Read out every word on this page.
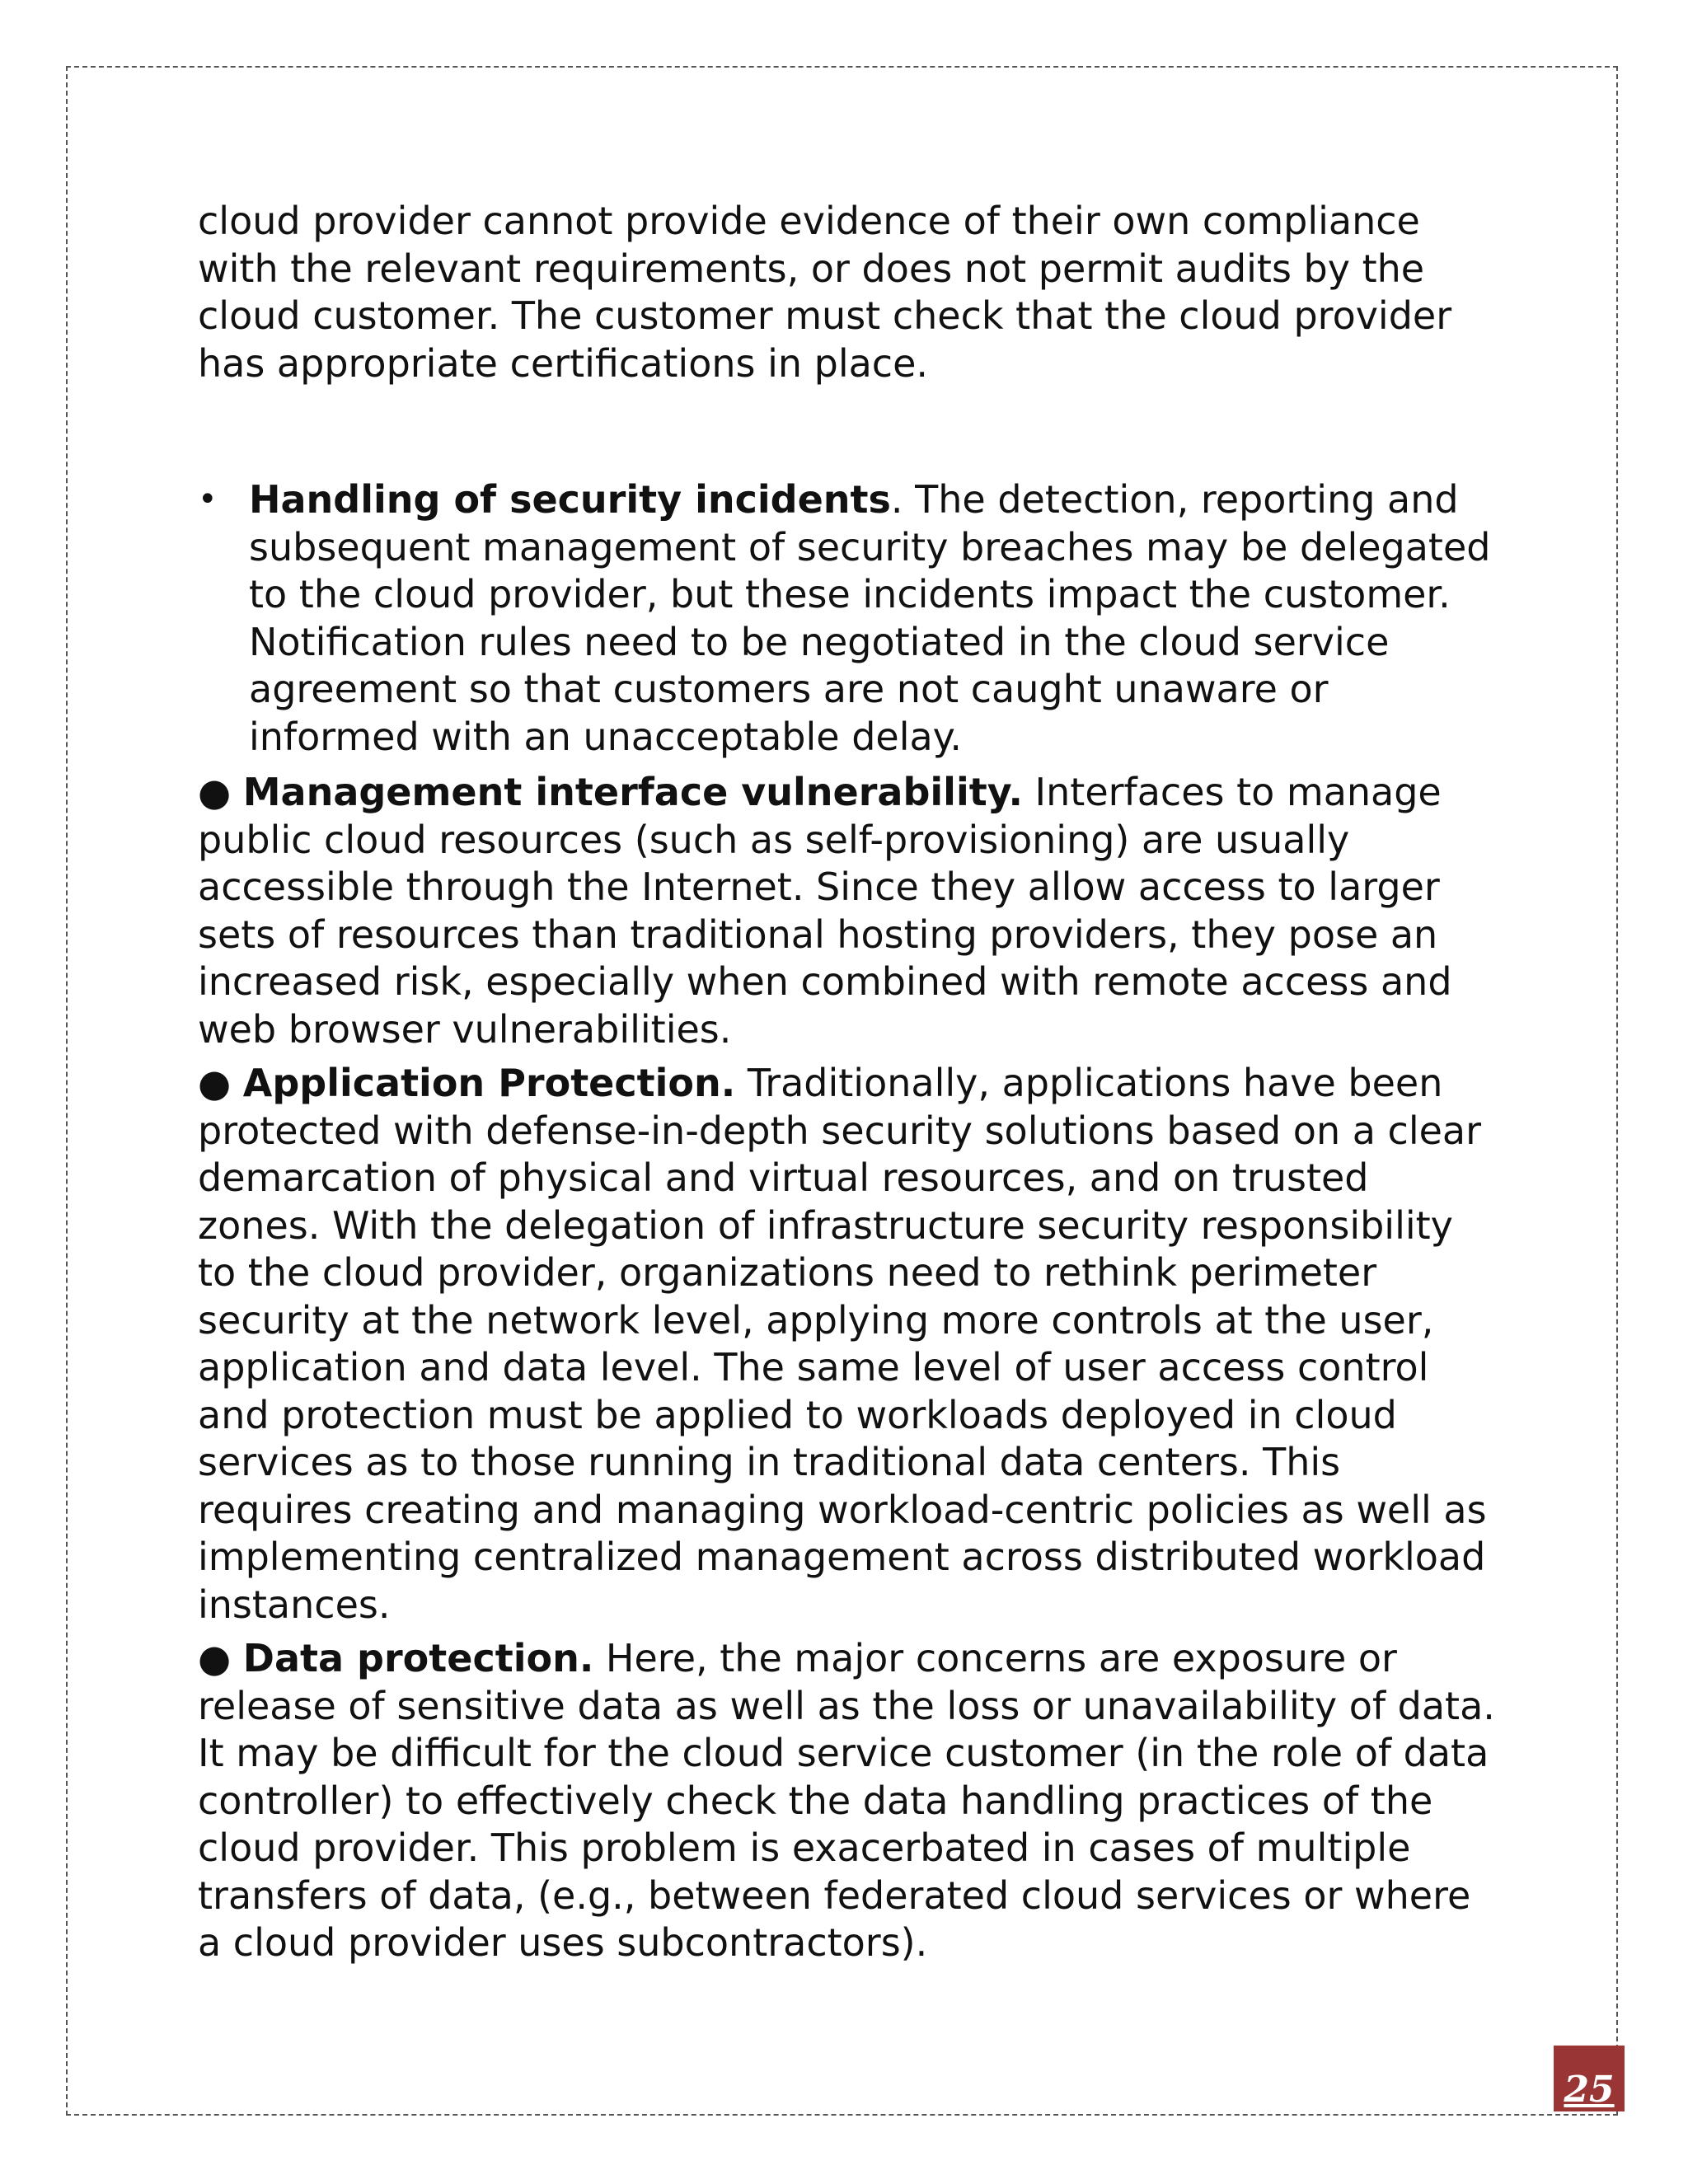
cloud provider cannot provide evidence of their own compliance with the relevant requirements, or does not permit audits by the cloud customer. The customer must check that the cloud provider has appropriate certifications in place.

• Handling of security incidents. The detection, reporting and subsequent management of security breaches may be delegated to the cloud provider, but these incidents impact the customer. Notification rules need to be negotiated in the cloud service agreement so that customers are not caught unaware or informed with an unacceptable delay.

● Management interface vulnerability. Interfaces to manage public cloud resources (such as self-provisioning) are usually accessible through the Internet. Since they allow access to larger sets of resources than traditional hosting providers, they pose an increased risk, especially when combined with remote access and web browser vulnerabilities.

● Application Protection. Traditionally, applications have been protected with defense-in-depth security solutions based on a clear demarcation of physical and virtual resources, and on trusted zones. With the delegation of infrastructure security responsibility to the cloud provider, organizations need to rethink perimeter security at the network level, applying more controls at the user, application and data level. The same level of user access control and protection must be applied to workloads deployed in cloud services as to those running in traditional data centers. This requires creating and managing workload-centric policies as well as implementing centralized management across distributed workload instances.

● Data protection. Here, the major concerns are exposure or release of sensitive data as well as the loss or unavailability of data. It may be difficult for the cloud service customer (in the role of data controller) to effectively check the data handling practices of the cloud provider. This problem is exacerbated in cases of multiple transfers of data, (e.g., between federated cloud services or where a cloud provider uses subcontractors).

25
